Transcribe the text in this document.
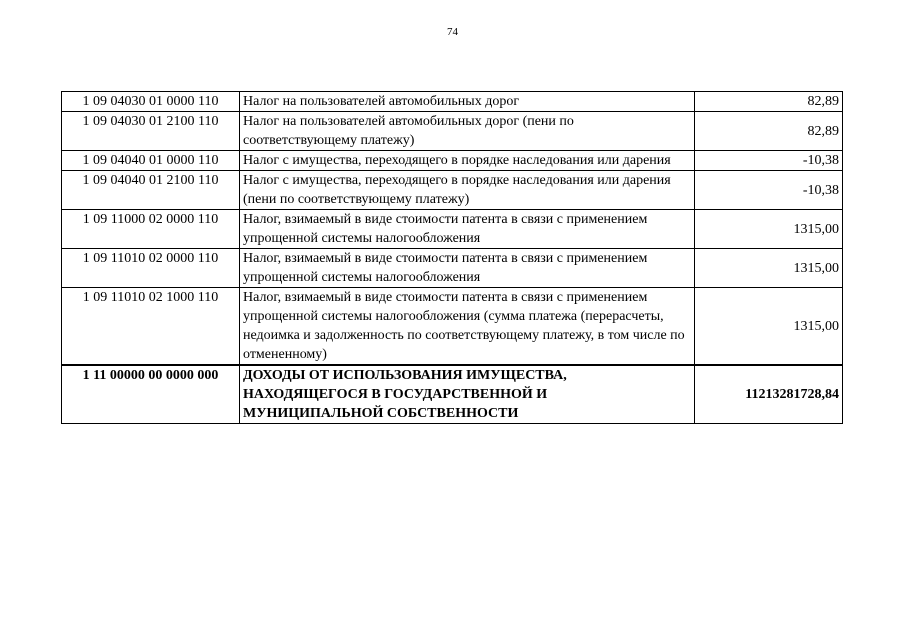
74
1 09 04030 01 0000 110	Налог на пользователей автомобильных дорог	82,89
1 09 04030 01 2100 110	Налог на пользователей автомобильных дорог (пени по соответствующему платежу)	82,89
1 09 04040 01 0000 110	Налог с имущества, переходящего в порядке наследования или дарения	-10,38
1 09 04040 01 2100 110	Налог с имущества, переходящего в порядке наследования или дарения (пени по соответствующему платежу)	-10,38
1 09 11000 02 0000 110	Налог, взимаемый в виде стоимости патента в связи с применением упрощенной системы налогообложения	1315,00
1 09 11010 02 0000 110	Налог, взимаемый в виде стоимости патента в связи с применением упрощенной системы налогообложения	1315,00
1 09 11010 02 1000 110	Налог, взимаемый в виде стоимости патента в связи с применением упрощенной системы налогообложения (сумма платежа (перерасчеты, недоимка и задолженность по соответствующему платежу, в том числе по отмененному)	1315,00
1 11 00000 00 0000 000	ДОХОДЫ ОТ ИСПОЛЬЗОВАНИЯ ИМУЩЕСТВА, НАХОДЯЩЕГОСЯ В ГОСУДАРСТВЕННОЙ И МУНИЦИПАЛЬНОЙ СОБСТВЕННОСТИ	11213281728,84
